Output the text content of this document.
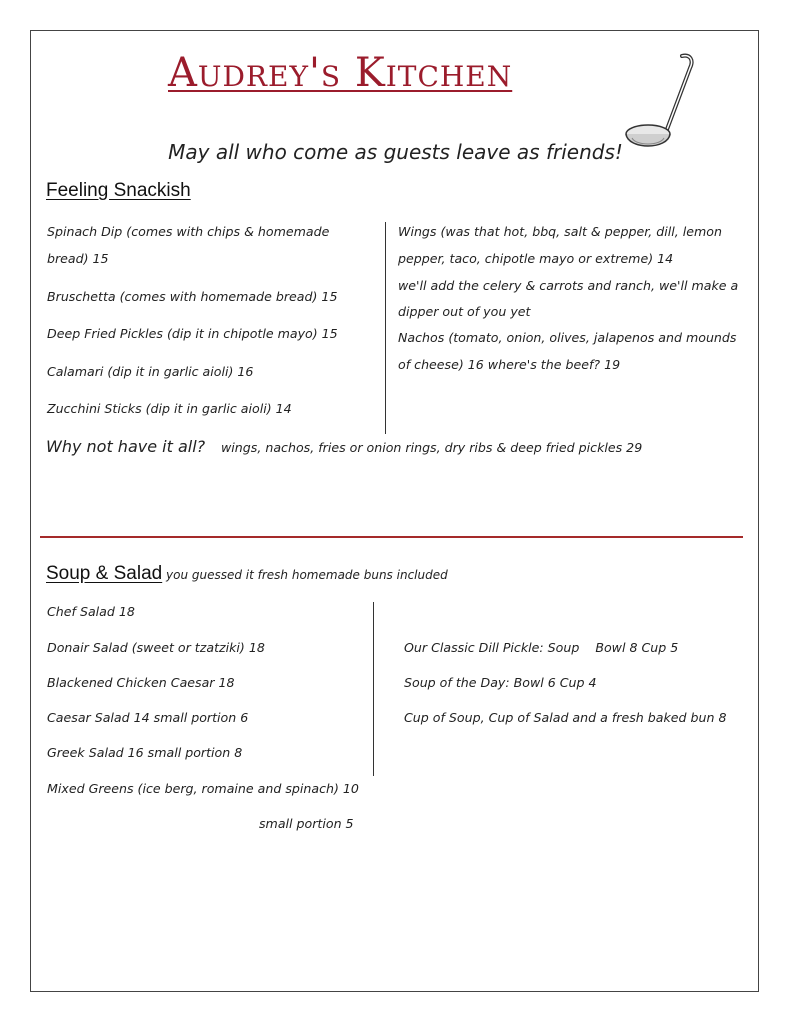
Audrey's Kitchen
May all who come as guests leave as friends!
Feeling Snackish
Spinach Dip (comes with chips & homemade
bread) 15
Bruschetta (comes with homemade bread) 15
Deep Fried Pickles (dip it in chipotle mayo) 15
Calamari (dip it in garlic aioli) 16
Zucchini Sticks (dip it in garlic aioli) 14
Wings (was that hot, bbq, salt & pepper, dill, lemon
pepper, taco, chipotle mayo or extreme) 14
we'll add the celery & carrots and ranch, we'll make a
dipper out of you yet
Nachos (tomato, onion, olives, jalapenos and mounds
of cheese) 16 where's the beef? 19
Why not have it all? wings, nachos, fries or onion rings, dry ribs & deep fried pickles 29
Soup & Salad you guessed it fresh homemade buns included
Chef Salad 18
Donair Salad (sweet or tzatziki) 18
Blackened Chicken Caesar 18
Caesar Salad 14 small portion 6
Greek Salad 16 small portion 8
Mixed Greens (ice berg, romaine and spinach) 10
small portion 5
Our Classic Dill Pickle: Soup    Bowl 8 Cup 5
Soup of the Day: Bowl 6 Cup 4
Cup of Soup, Cup of Salad and a fresh baked bun 8
